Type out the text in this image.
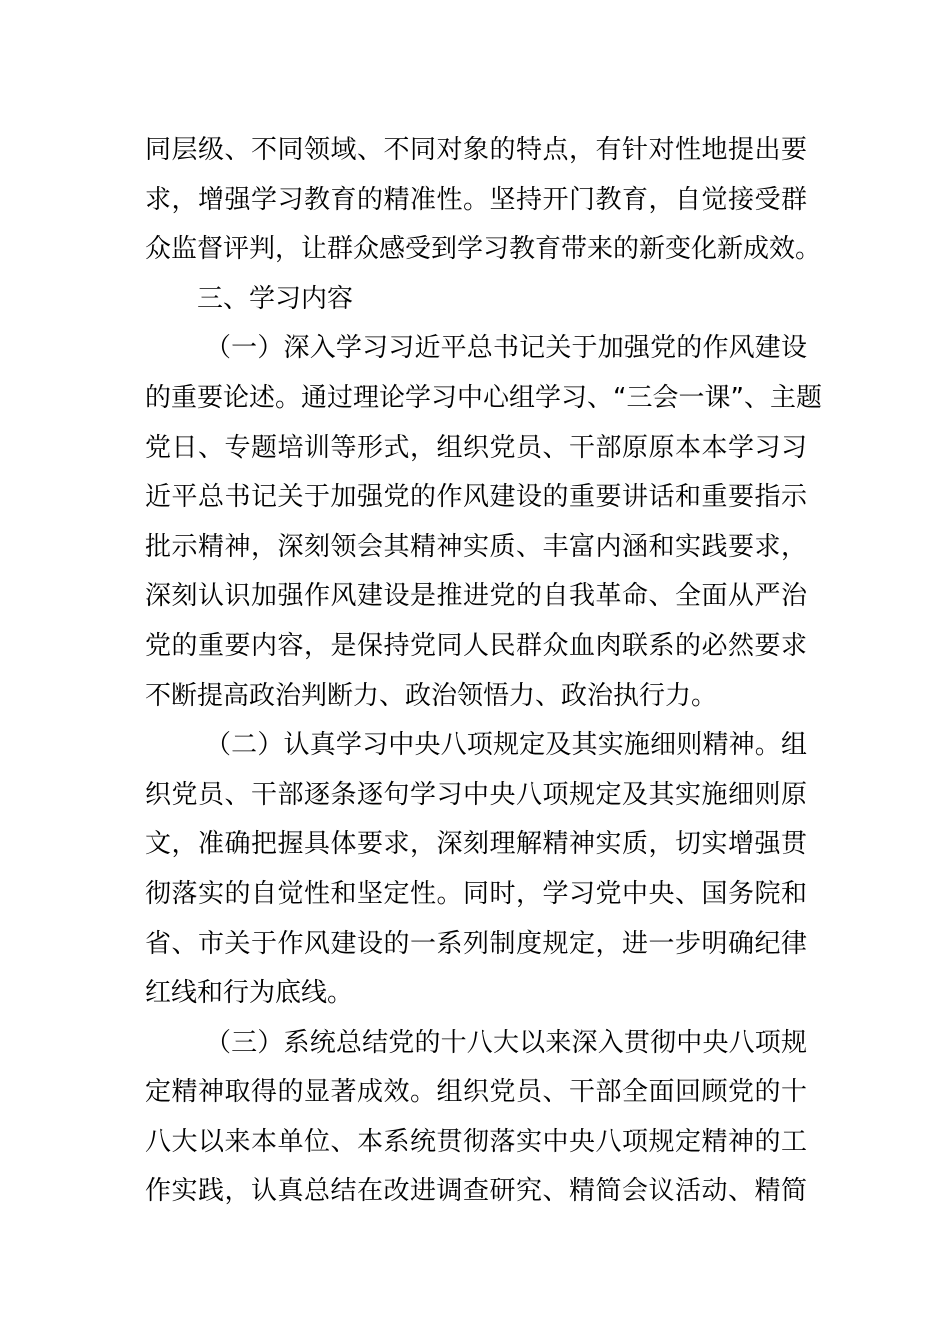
同层级、不同领域、不同对象的特点，有针对性地提出要
求，增强学习教育的精准性。坚持开门教育，自觉接受群
众监督评判，让群众感受到学习教育带来的新变化新成效。
三、学习内容
（一）深入学习习近平总书记关于加强党的作风建设
的重要论述。通过理论学习中心组学习、“三会一课”、主题
党日、专题培训等形式，组织党员、干部原原本本学习习
近平总书记关于加强党的作风建设的重要讲话和重要指示
批示精神，深刻领会其精神实质、丰富内涵和实践要求，
深刻认识加强作风建设是推进党的自我革命、全面从严治
党的重要内容，是保持党同人民群众血肉联系的必然要求
不断提高政治判断力、政治领悟力、政治执行力。
（二）认真学习中央八项规定及其实施细则精神。组
织党员、干部逐条逐句学习中央八项规定及其实施细则原
文，准确把握具体要求，深刻理解精神实质，切实增强贯
彻落实的自觉性和坚定性。同时，学习党中央、国务院和
省、市关于作风建设的一系列制度规定，进一步明确纪律
红线和行为底线。
（三）系统总结党的十八大以来深入贯彻中央八项规
定精神取得的显著成效。组织党员、干部全面回顾党的十
八大以来本单位、本系统贯彻落实中央八项规定精神的工
作实践，认真总结在改进调查研究、精简会议活动、精简
